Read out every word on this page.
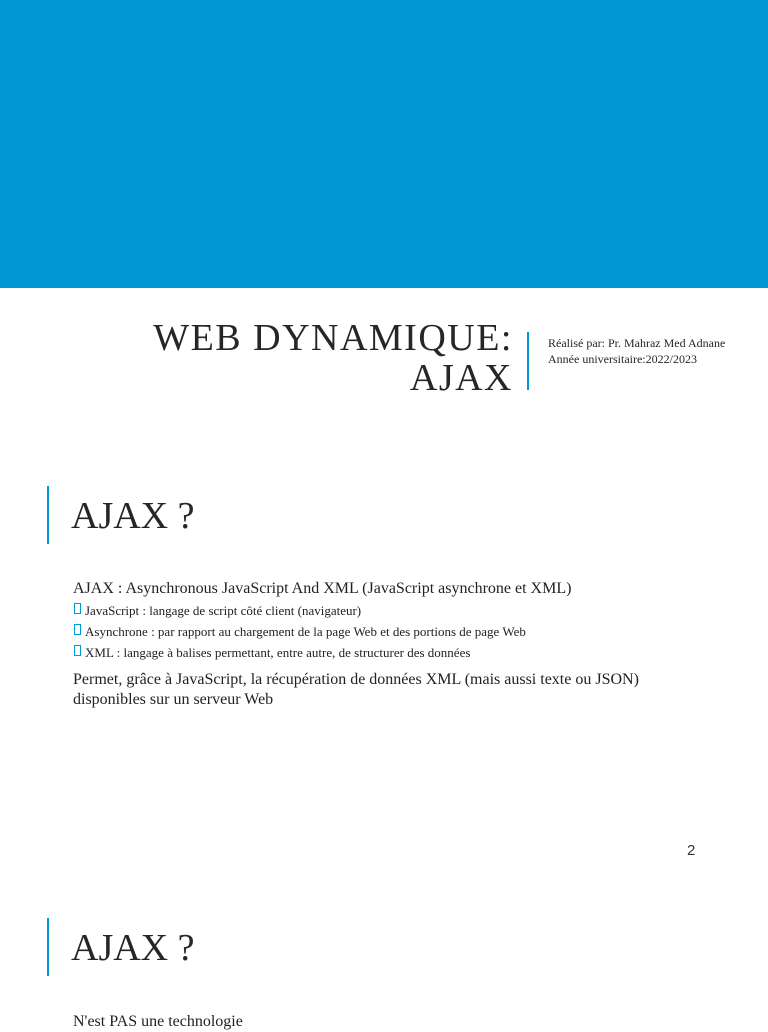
WEB DYNAMIQUE:
AJAX
Réalisé par: Pr. Mahraz Med Adnane
Année universitaire:2022/2023
AJAX ?
AJAX : Asynchronous JavaScript And XML (JavaScript asynchrone et XML)
JavaScript : langage de script côté client (navigateur)
Asynchrone : par rapport au chargement de la page Web et des portions de page Web
XML : langage à balises permettant, entre autre, de structurer des données
Permet, grâce à JavaScript, la récupération de données XML (mais aussi texte ou JSON) disponibles sur un serveur Web
2
AJAX ?
N'est PAS une technologie
